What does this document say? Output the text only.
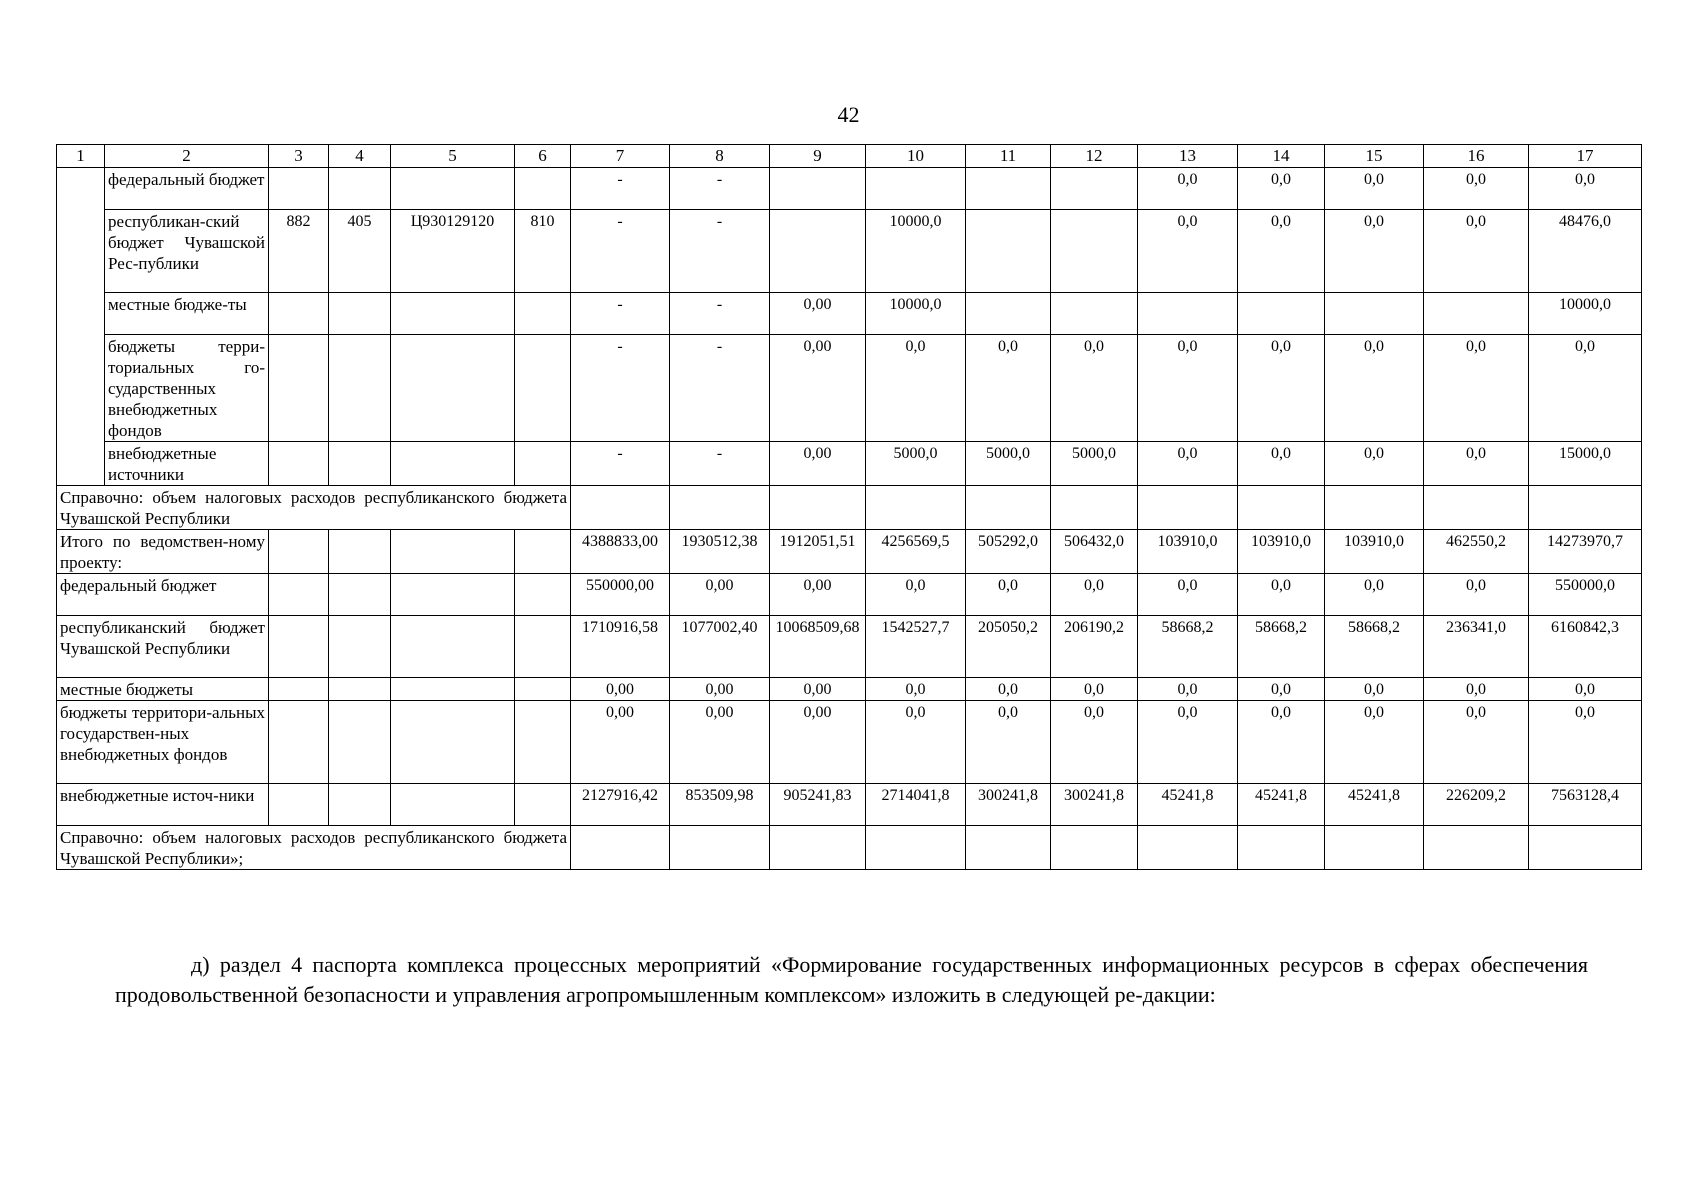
42
1	2	3	4	5	6	7	8	9	10	11	12	13	14	15	16	17
	федеральный бюджет					-	-					0,0	0,0	0,0	0,0	0,0
	республикан-ский бюджет Чувашской Рес-публики	882	405	Ц930129120	810	-	-		10000,0			0,0	0,0	0,0	0,0	48476,0
	местные бюдже-ты					-	-	0,00	10000,0							10000,0
	бюджеты терри-ториальных го-сударственных внебюджетных фондов					-	-	0,00	0,0	0,0	0,0	0,0	0,0	0,0	0,0	0,0
	внебюджетные источники					-	-	0,00	5000,0	5000,0	5000,0	0,0	0,0	0,0	0,0	15000,0
Справочно: объем налоговых расходов республиканского бюджета Чувашской Республики																
Итого по ведомствен-ному проекту:						4388833,00	1930512,38	1912051,51	4256569,5	505292,0	506432,0	103910,0	103910,0	103910,0	462550,2	14273970,7
федеральный бюджет						550000,00	0,00	0,00	0,0	0,0	0,0	0,0	0,0	0,0	0,0	550000,0
республиканский бюджет Чувашской Республики						1710916,58	1077002,40	10068509,68	1542527,7	205050,2	206190,2	58668,2	58668,2	58668,2	236341,0	6160842,3
местные бюджеты						0,00	0,00	0,00	0,0	0,0	0,0	0,0	0,0	0,0	0,0	0,0
бюджеты территори-альных государствен-ных внебюджетных фондов						0,00	0,00	0,00	0,0	0,0	0,0	0,0	0,0	0,0	0,0	0,0
внебюджетные источ-ники						2127916,42	853509,98	905241,83	2714041,8	300241,8	300241,8	45241,8	45241,8	45241,8	226209,2	7563128,4
Справочно: объем налоговых расходов республиканского бюджета Чувашской Республики»;																
д) раздел 4 паспорта комплекса процессных мероприятий «Формирование государственных информационных ресурсов в сферах обеспечения продовольственной безопасности и управления агропромышленным комплексом» изложить в следующей ре-дакции:
